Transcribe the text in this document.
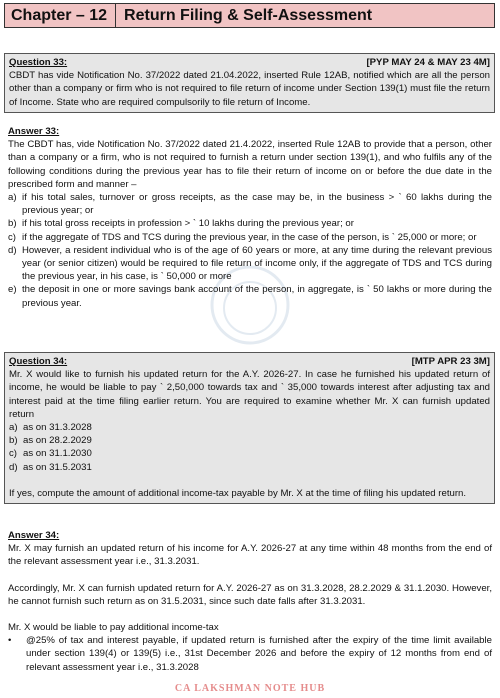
Chapter – 12	Return Filing & Self-Assessment
Question 33:	[PYP MAY 24 & MAY 23 4M]
CBDT has vide Notification No. 37/2022 dated 21.04.2022, inserted Rule 12AB, notified which are all the person other than a company or firm who is not required to file return of income under Section 139(1) must file the return of Income. State who are required compulsorily to file return of Income.
Answer 33:
The CBDT has, vide Notification No. 37/2022 dated 21.4.2022, inserted Rule 12AB to provide that a person, other than a company or a firm, who is not required to furnish a return under section 139(1), and who fulfils any of the following conditions during the previous year has to file their return of income on or before the due date in the prescribed form and manner –
a) if his total sales, turnover or gross receipts, as the case may be, in the business > ` 60 lakhs during the previous year; or
b) if his total gross receipts in profession > ` 10 lakhs during the previous year; or
c) if the aggregate of TDS and TCS during the previous year, in the case of the person, is ` 25,000 or more; or
d) However, a resident individual who is of the age of 60 years or more, at any time during the relevant previous year (or senior citizen) would be required to file return of income only, if the aggregate of TDS and TCS during the previous year, in his case, is ` 50,000 or more
e) the deposit in one or more savings bank account of the person, in aggregate, is ` 50 lakhs or more during the previous year.
Question 34:	[MTP APR 23 3M]
Mr. X would like to furnish his updated return for the A.Y. 2026-27. In case he furnished his updated return of income, he would be liable to pay ` 2,50,000 towards tax and ` 35,000 towards interest after adjusting tax and interest paid at the time filing earlier return. You are required to examine whether Mr. X can furnish updated return
a) as on 31.3.2028
b) as on 28.2.2029
c) as on 31.1.2030
d) as on 31.5.2031
If yes, compute the amount of additional income-tax payable by Mr. X at the time of filing his updated return.
Answer 34:
Mr. X may furnish an updated return of his income for A.Y. 2026-27 at any time within 48 months from the end of the relevant assessment year i.e., 31.3.2031.
Accordingly, Mr. X can furnish updated return for A.Y. 2026-27 as on 31.3.2028, 28.2.2029 & 31.1.2030. However, he cannot furnish such return as on 31.5.2031, since such date falls after 31.3.2031.
Mr. X would be liable to pay additional income-tax
•	@25% of tax and interest payable, if updated return is furnished after the expiry of the time limit available under section 139(4) or 139(5) i.e., 31st December 2026 and before the expiry of 12 months from end of relevant assessment year i.e., 31.3.2028
CA LAKSHMAN NOTE HUB
